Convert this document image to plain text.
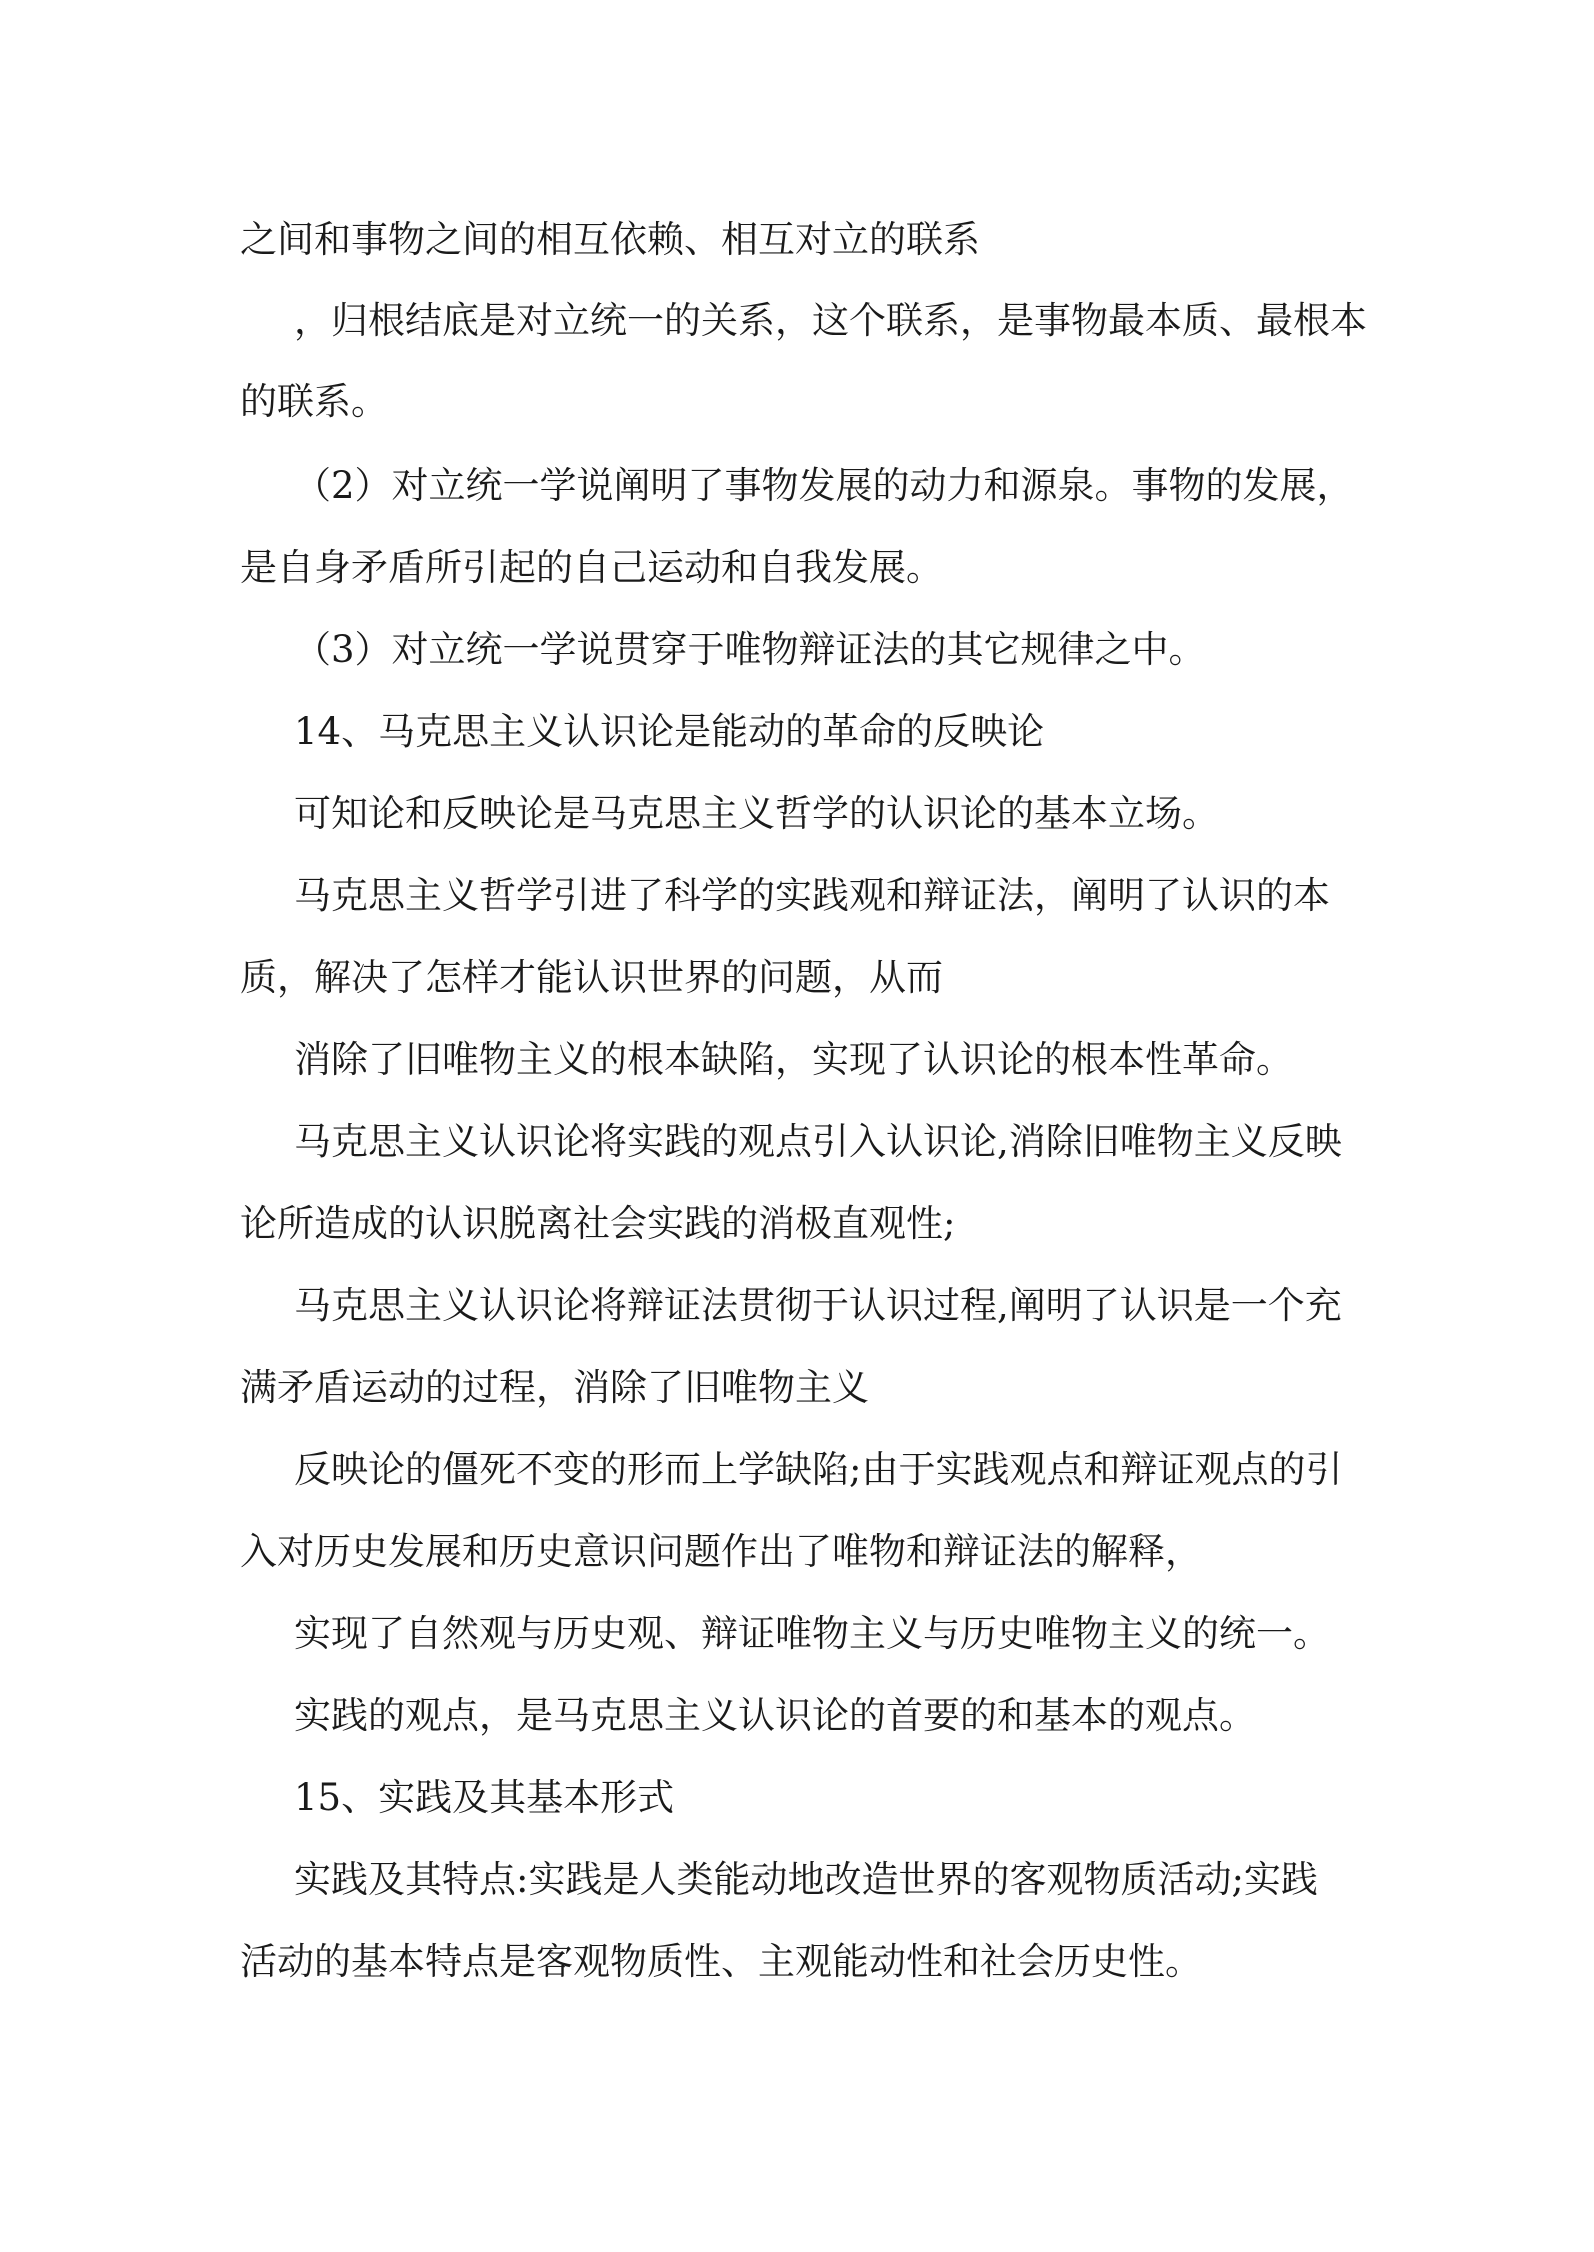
之间和事物之间的相互依赖、相互对立的联系
，归根结底是对立统一的关系，这个联系，是事物最本质、最根本
的联系。
（2）对立统一学说阐明了事物发展的动力和源泉。事物的发展，
是自身矛盾所引起的自己运动和自我发展。
（3）对立统一学说贯穿于唯物辩证法的其它规律之中。
14、马克思主义认识论是能动的革命的反映论
可知论和反映论是马克思主义哲学的认识论的基本立场。
马克思主义哲学引进了科学的实践观和辩证法，阐明了认识的本
质，解决了怎样才能认识世界的问题，从而
消除了旧唯物主义的根本缺陷，实现了认识论的根本性革命。
马克思主义认识论将实践的观点引入认识论,消除旧唯物主义反映
论所造成的认识脱离社会实践的消极直观性;
马克思主义认识论将辩证法贯彻于认识过程,阐明了认识是一个充
满矛盾运动的过程，消除了旧唯物主义
反映论的僵死不变的形而上学缺陷;由于实践观点和辩证观点的引
入对历史发展和历史意识问题作出了唯物和辩证法的解释，
实现了自然观与历史观、辩证唯物主义与历史唯物主义的统一。
实践的观点，是马克思主义认识论的首要的和基本的观点。
15、实践及其基本形式
实践及其特点:实践是人类能动地改造世界的客观物质活动;实践
活动的基本特点是客观物质性、主观能动性和社会历史性。
